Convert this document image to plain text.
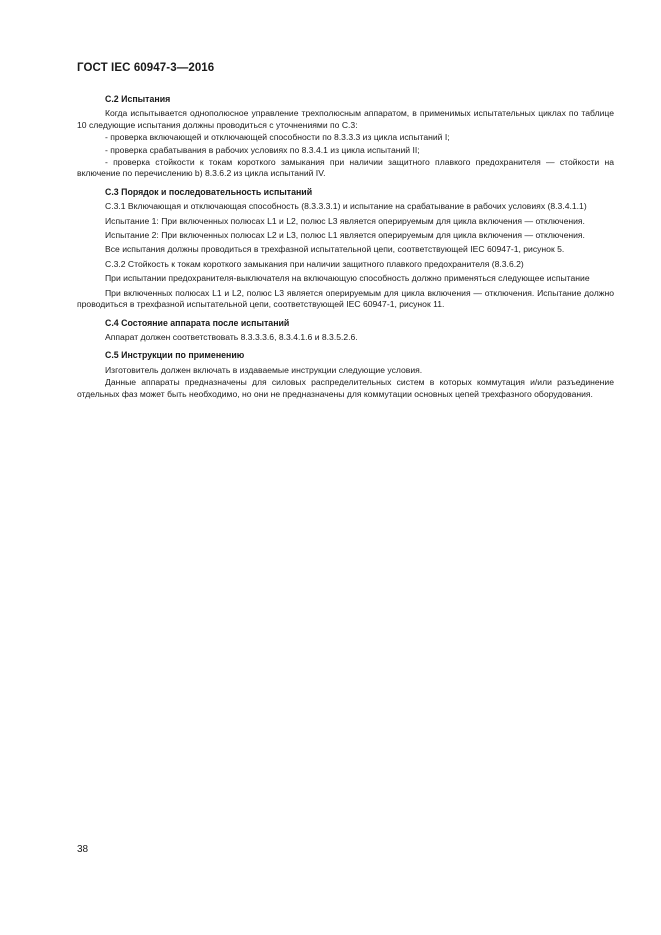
ГОСТ IEC 60947-3—2016
С.2 Испытания
Когда испытывается однополюсное управление трехполюсным аппаратом, в применимых испытательных циклах по таблице 10 следующие испытания должны проводиться с уточнениями по С.3:
- проверка включающей и отключающей способности по 8.3.3.3 из цикла испытаний I;
- проверка срабатывания в рабочих условиях по 8.3.4.1 из цикла испытаний II;
- проверка стойкости к токам короткого замыкания при наличии защитного плавкого предохранителя — стойкости на включение по перечислению b) 8.3.6.2 из цикла испытаний IV.
С.3 Порядок и последовательность испытаний
С.3.1 Включающая и отключающая способность (8.3.3.3.1) и испытание на срабатывание в рабочих условиях (8.3.4.1.1)
Испытание 1: При включенных полюсах L1 и L2, полюс L3 является оперируемым для цикла включения — отключения.
Испытание 2: При включенных полюсах L2 и L3, полюс L1 является оперируемым для цикла включения — отключения.
Все испытания должны проводиться в трехфазной испытательной цепи, соответствующей IEC 60947-1, рисунок 5.
С.3.2 Стойкость к токам короткого замыкания при наличии защитного плавкого предохранителя (8.3.6.2)
При испытании предохранителя-выключателя на включающую способность должно применяться следующее испытание
При включенных полюсах L1 и L2, полюс L3 является оперируемым для цикла включения — отключения. Испытание должно проводиться в трехфазной испытательной цепи, соответствующей IEC 60947-1, рисунок 11.
С.4 Состояние аппарата после испытаний
Аппарат должен соответствовать 8.3.3.3.6, 8.3.4.1.6 и 8.3.5.2.6.
С.5 Инструкции по применению
Изготовитель должен включать в издаваемые инструкции следующие условия.
Данные аппараты предназначены для силовых распределительных систем в которых коммутация и/или разъединение отдельных фаз может быть необходимо, но они не предназначены для коммутации основных цепей трехфазного оборудования.
38
